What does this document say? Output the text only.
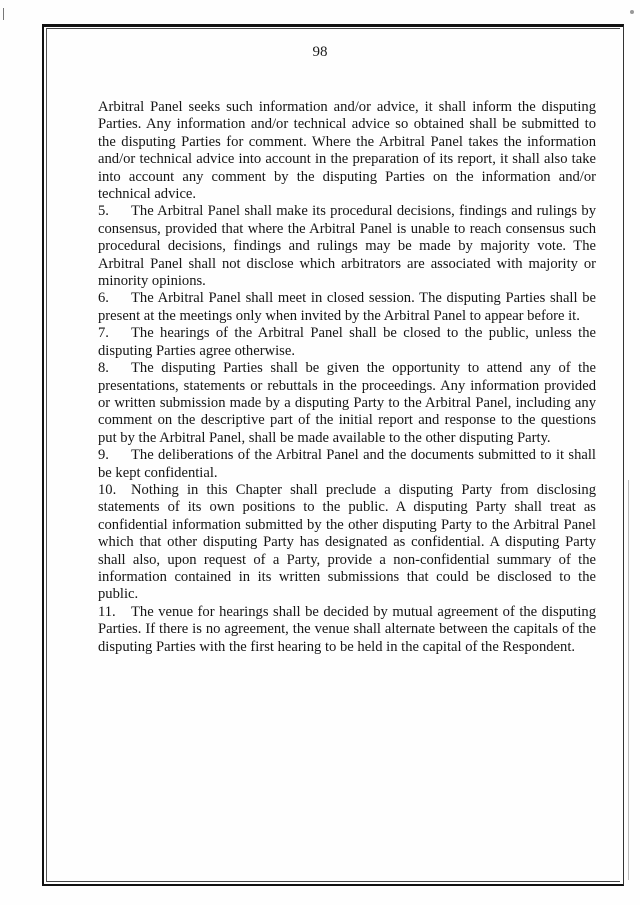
98

Arbitral Panel seeks such information and/or advice, it shall inform the disputing Parties. Any information and/or technical advice so obtained shall be submitted to the disputing Parties for comment. Where the Arbitral Panel takes the information and/or technical advice into account in the preparation of its report, it shall also take into account any comment by the disputing Parties on the information and/or technical advice.

5. The Arbitral Panel shall make its procedural decisions, findings and rulings by consensus, provided that where the Arbitral Panel is unable to reach consensus such procedural decisions, findings and rulings may be made by majority vote. The Arbitral Panel shall not disclose which arbitrators are associated with majority or minority opinions.

6. The Arbitral Panel shall meet in closed session. The disputing Parties shall be present at the meetings only when invited by the Arbitral Panel to appear before it.

7. The hearings of the Arbitral Panel shall be closed to the public, unless the disputing Parties agree otherwise.

8. The disputing Parties shall be given the opportunity to attend any of the presentations, statements or rebuttals in the proceedings. Any information provided or written submission made by a disputing Party to the Arbitral Panel, including any comment on the descriptive part of the initial report and response to the questions put by the Arbitral Panel, shall be made available to the other disputing Party.

9. The deliberations of the Arbitral Panel and the documents submitted to it shall be kept confidential.

10. Nothing in this Chapter shall preclude a disputing Party from disclosing statements of its own positions to the public. A disputing Party shall treat as confidential information submitted by the other disputing Party to the Arbitral Panel which that other disputing Party has designated as confidential. A disputing Party shall also, upon request of a Party, provide a non-confidential summary of the information contained in its written submissions that could be disclosed to the public.

11. The venue for hearings shall be decided by mutual agreement of the disputing Parties. If there is no agreement, the venue shall alternate between the capitals of the disputing Parties with the first hearing to be held in the capital of the Respondent.
